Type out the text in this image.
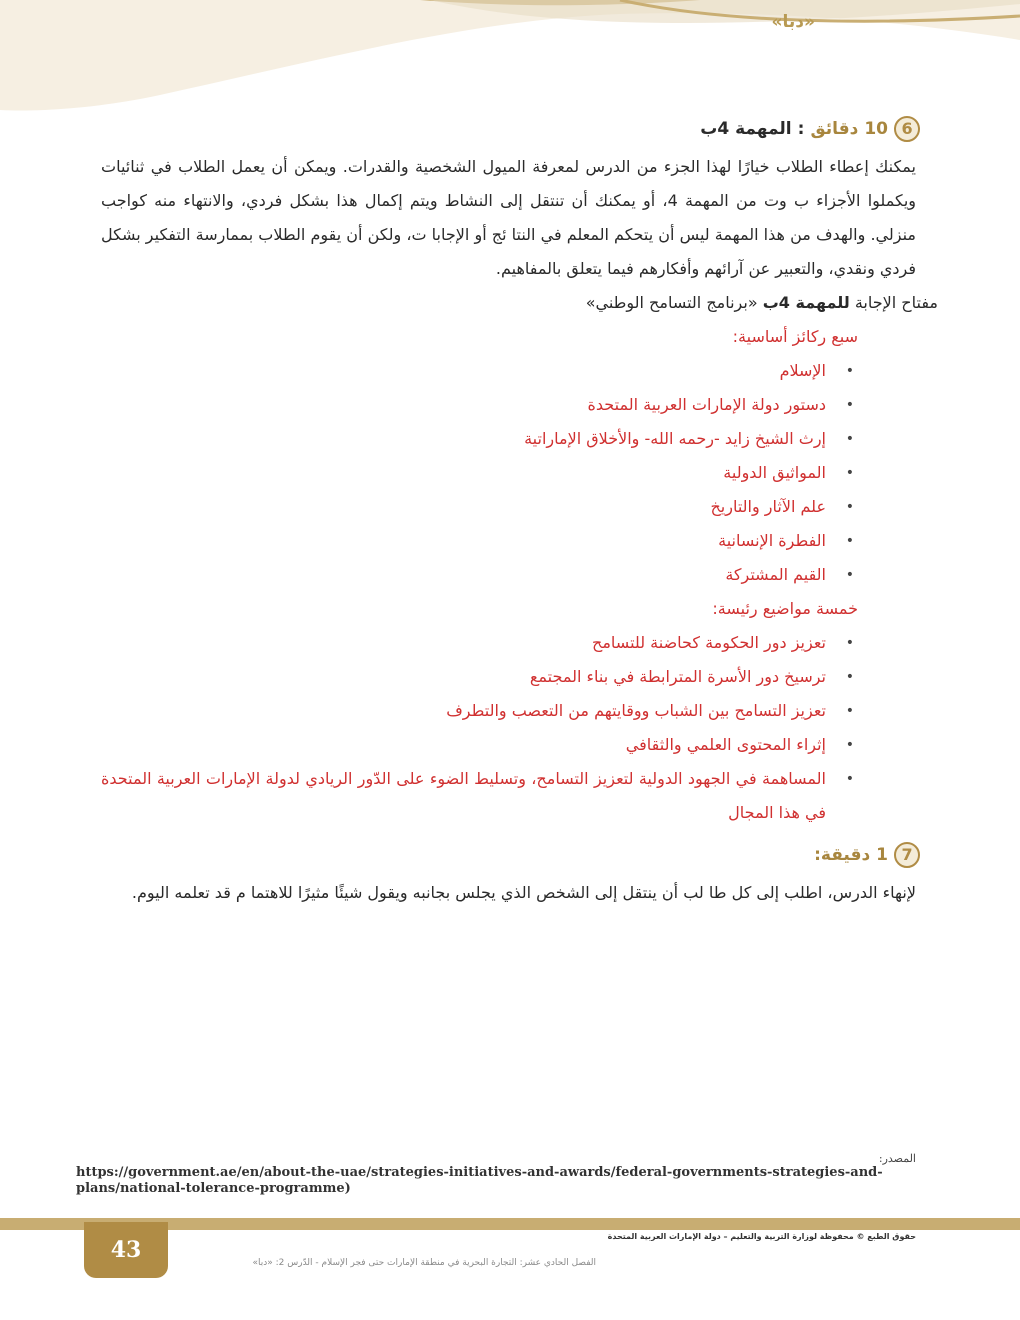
«دبا»
6
10 دقائق
:
المهمة 4ب

يمكنك إعطاء الطلاب خيارًا لهذا الجزء من الدرس لمعرفة الميول الشخصية والقدرات. ويمكن أن يعمل الطلاب في ثنائيات ويكملوا الأجزاء ب وت من المهمة 4، أو يمكنك أن تنتقل إلى النشاط ويتم إكمال هذا بشكل فردي، والانتهاء منه كواجب منزلي. والهدف من هذا المهمة ليس أن يتحكم المعلم في النتا ئج أو الإجابا ت، ولكن أن يقوم الطلاب بممارسة التفكير بشكل فردي ونقدي، والتعبير عن آرائهم وأفكارهم فيما يتعلق بالمفاهيم.

مفتاح الإجابة للمهمة 4ب «برنامج التسامح الوطني»
سبع ركائز أساسية:
•
الإسلام
•
دستور دولة الإمارات العربية المتحدة
•
إرث الشيخ زايد -رحمه الله- والأخلاق الإماراتية
•
المواثيق الدولية
•
علم الآثار والتاريخ
•
الفطرة الإنسانية
•
القيم المشتركة
خمسة مواضيع رئيسة:
•
تعزيز دور الحكومة كحاضنة للتسامح
•
ترسيخ دور الأسرة المترابطة في بناء المجتمع
•
تعزيز التسامح بين الشباب ووقايتهم من التعصب والتطرف
•
إثراء المحتوى العلمي والثقافي
•
المساهمة في الجهود الدولية لتعزيز التسامح، وتسليط الضوء على الدّور الريادي لدولة الإمارات العربية المتحدة في هذا المجال
7
1 دقيقة:

لإنهاء الدرس، اطلب إلى كل طا لب أن ينتقل إلى الشخص الذي يجلس بجانبه ويقول شيئًا مثيرًا للاهتما م قد تعلمه اليوم.

المصدر:
https://government.ae/en/about-the-uae/strategies-initiatives-and-awards/federal-governments-strategies-and-plans/national-tolerance-programme)
43
حقوق الطبع © محفوظة لوزارة التربية والتعليم – دولة الإمارات العربية المتحدة
الفصل الحادي عشر: التجارة البحرية في منطقة الإمارات حتى فجر الإسلام - الدّرس 2: «دبا»
